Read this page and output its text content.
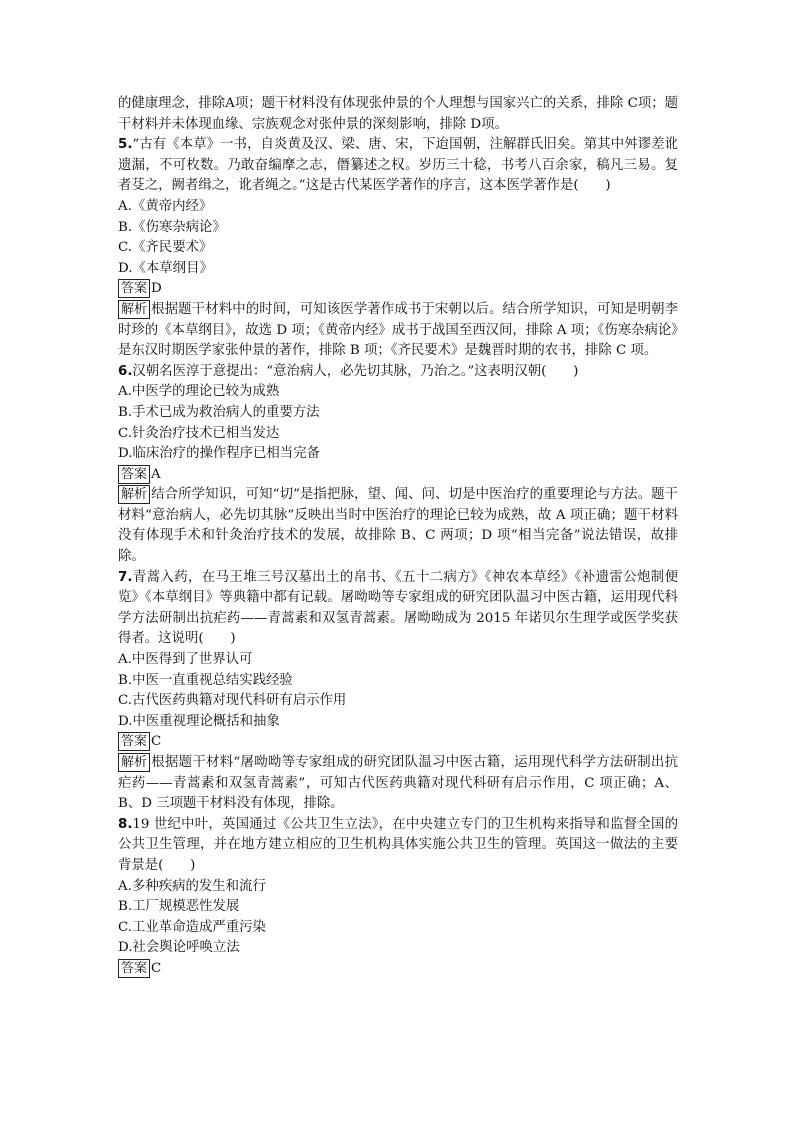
的健康理念，排除A项；题干材料没有体现张仲景的个人理想与国家兴亡的关系，排除 C项；题干材料并未体现血缘、宗族观念对张仲景的深刻影响，排除 D项。

5.“古有《本草》一书，自炎黄及汉、梁、唐、宋，下迨国朝，注解群氏旧矣。第其中舛谬差讹遗漏，不可枚数。乃敢奋编摩之志，僭纂述之权。岁历三十稔，书考八百余家，稿凡三易。复者芟之，阙者缉之，讹者绳之。”这是古代某医学著作的序言，这本医学著作是(　　)

A.《黄帝内经》

B.《伤寒杂病论》

C.《齐民要术》

D.《本草纲目》

答案 D

解析 根据题干材料中的时间，可知该医学著作成书于宋朝以后。结合所学知识，可知是明朝李时珍的《本草纲目》，故选 D 项；《黄帝内经》成书于战国至西汉间，排除 A 项；《伤寒杂病论》是东汉时期医学家张仲景的著作，排除 B 项；《齐民要术》是魏晋时期的农书，排除 C 项。

6.汉朝名医淳于意提出：“意治病人，必先切其脉，乃治之。”这表明汉朝(　　)

A.中医学的理论已较为成熟

B.手术已成为救治病人的重要方法

C.针灸治疗技术已相当发达

D.临床治疗的操作程序已相当完备

答案 A

解析 结合所学知识，可知“切”是指把脉，望、闻、问、切是中医治疗的重要理论与方法。题干材料“意治病人，必先切其脉”反映出当时中医治疗的理论已较为成熟，故 A 项正确；题干材料没有体现手术和针灸治疗技术的发展，故排除 B、C 两项；D 项“相当完备”说法错误，故排除。

7.青蒿入药，在马王堆三号汉墓出土的帛书、《五十二病方》《神农本草经》《补遗雷公炮制便览》《本草纲目》等典籍中都有记载。屠呦呦等专家组成的研究团队温习中医古籍，运用现代科学方法研制出抗疟药——青蒿素和双氢青蒿素。屠呦呦成为 2015 年诺贝尔生理学或医学奖获得者。这说明(　　)

A.中医得到了世界认可

B.中医一直重视总结实践经验

C.古代医药典籍对现代科研有启示作用

D.中医重视理论概括和抽象

答案 C

解析 根据题干材料“屠呦呦等专家组成的研究团队温习中医古籍，运用现代科学方法研制出抗疟药——青蒿素和双氢青蒿素”，可知古代医药典籍对现代科研有启示作用，C 项正确；A、B、D 三项题干材料没有体现，排除。

8.19 世纪中叶，英国通过《公共卫生立法》，在中央建立专门的卫生机构来指导和监督全国的公共卫生管理，并在地方建立相应的卫生机构具体实施公共卫生的管理。英国这一做法的主要背景是(　　)

A.多种疾病的发生和流行

B.工厂规模恶性发展

C.工业革命造成严重污染

D.社会舆论呼唤立法

答案 C
